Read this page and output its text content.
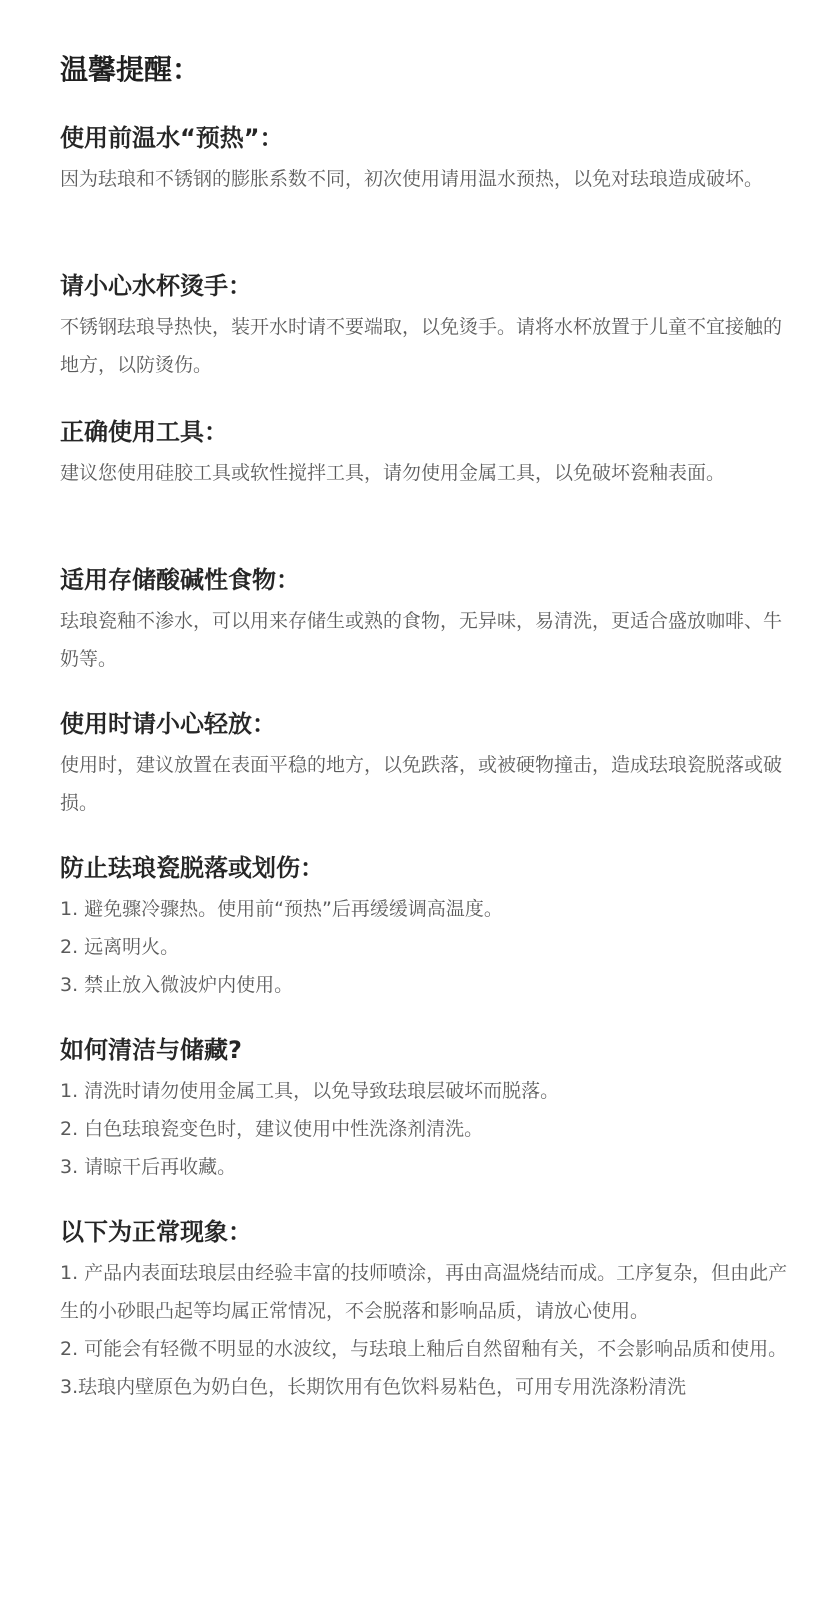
温馨提醒：
使用前温水“预热”：

因为珐琅和不锈钢的膨胀系数不同，初次使用请用温水预热，以免对珐琅造成破坏。

请小心水杯烫手：

不锈钢珐琅导热快，装开水时请不要端取，以免烫手。请将水杯放置于儿童不宜接触的地方，以防烫伤。

正确使用工具：

建议您使用硅胶工具或软性搅拌工具，请勿使用金属工具，以免破坏瓷釉表面。

适用存储酸碱性食物：

珐琅瓷釉不渗水，可以用来存储生或熟的食物，无异味，易清洗，更适合盛放咖啡、牛奶等。

使用时请小心轻放：

使用时，建议放置在表面平稳的地方，以免跌落，或被硬物撞击，造成珐琅瓷脱落或破损。

防止珐琅瓷脱落或划伤：
1. 避免骤冷骤热。使用前“预热”后再缓缓调高温度。
2. 远离明火。
3. 禁止放入微波炉内使用。
如何清洁与储藏?
1. 清洗时请勿使用金属工具，以免导致珐琅层破坏而脱落。
2. 白色珐琅瓷变色时，建议使用中性洗涤剂清洗。
3. 请晾干后再收藏。
以下为正常现象：
1. 产品内表面珐琅层由经验丰富的技师喷涂，再由高温烧结而成。工序复杂，但由此产生的小砂眼凸起等均属正常情况，不会脱落和影响品质，请放心使用。
2. 可能会有轻微不明显的水波纹，与珐琅上釉后自然留釉有关，不会影响品质和使用。
3.珐琅内壁原色为奶白色，长期饮用有色饮料易粘色，可用专用洗涤粉清洗
